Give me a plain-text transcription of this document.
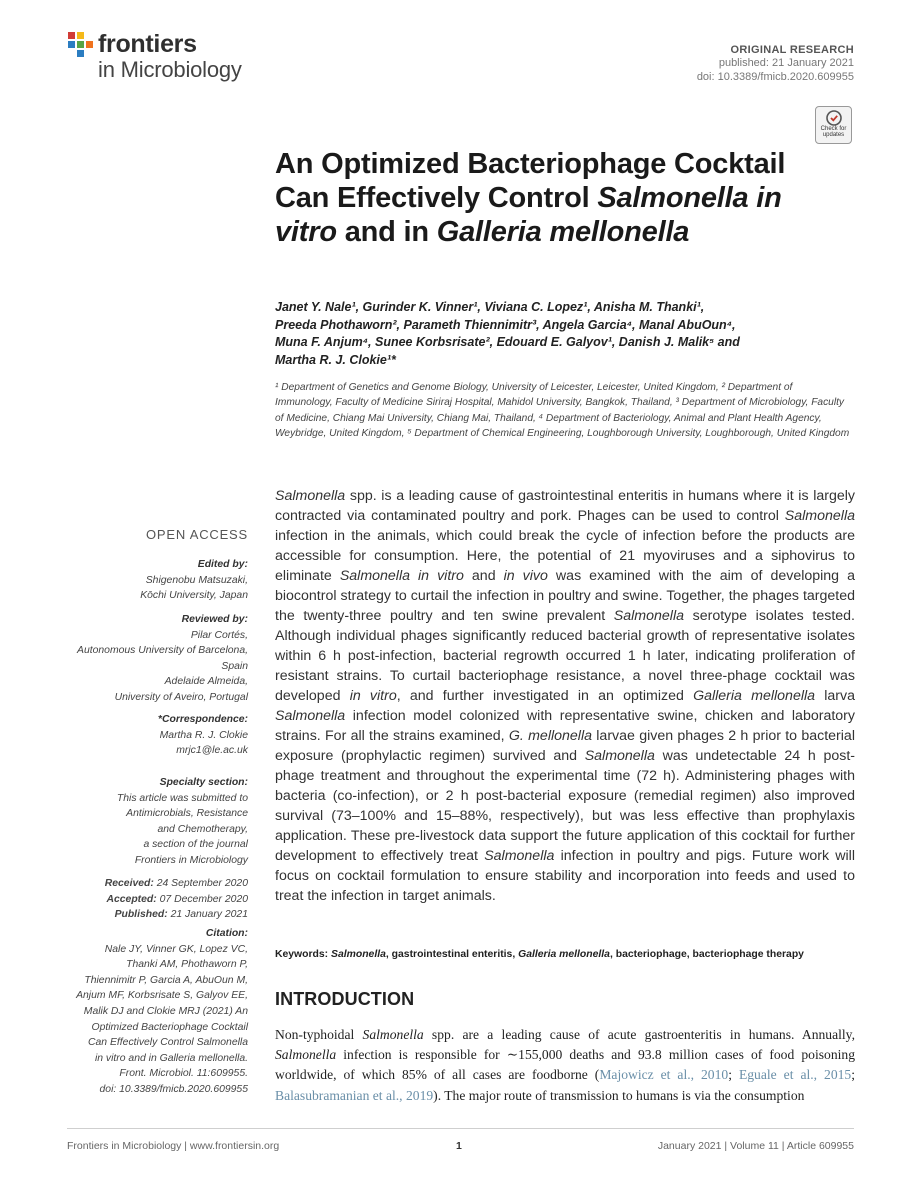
frontiers
in Microbiology
ORIGINAL RESEARCH
published: 21 January 2021
doi: 10.3389/fmicb.2020.609955
Check for
updates
An Optimized Bacteriophage Cocktail Can Effectively Control Salmonella in vitro and in Galleria mellonella
Janet Y. Nale¹, Gurinder K. Vinner¹, Viviana C. Lopez¹, Anisha M. Thanki¹,
Preeda Phothaworn², Parameth Thiennimitr³, Angela Garcia⁴, Manal AbuOun⁴,
Muna F. Anjum⁴, Sunee Korbsrisate², Edouard E. Galyov¹, Danish J. Malik⁵ and
Martha R. J. Clokie¹*
¹ Department of Genetics and Genome Biology, University of Leicester, Leicester, United Kingdom, ² Department of Immunology, Faculty of Medicine Siriraj Hospital, Mahidol University, Bangkok, Thailand, ³ Department of Microbiology, Faculty of Medicine, Chiang Mai University, Chiang Mai, Thailand, ⁴ Department of Bacteriology, Animal and Plant Health Agency, Weybridge, United Kingdom, ⁵ Department of Chemical Engineering, Loughborough University, Loughborough, United Kingdom
OPEN ACCESS
Edited by:
Shigenobu Matsuzaki,
Kōchi University, Japan
Reviewed by:
Pilar Cortés,
Autonomous University of Barcelona,
Spain
Adelaide Almeida,
University of Aveiro, Portugal
*Correspondence:
Martha R. J. Clokie
mrjc1@le.ac.uk
Specialty section:
This article was submitted to
Antimicrobials, Resistance
and Chemotherapy,
a section of the journal
Frontiers in Microbiology
Received: 24 September 2020
Accepted: 07 December 2020
Published: 21 January 2021
Citation:
Nale JY, Vinner GK, Lopez VC,
Thanki AM, Phothaworn P,
Thiennimitr P, Garcia A, AbuOun M,
Anjum MF, Korbsrisate S, Galyov EE,
Malik DJ and Clokie MRJ (2021) An
Optimized Bacteriophage Cocktail
Can Effectively Control Salmonella
in vitro and in Galleria mellonella.
Front. Microbiol. 11:609955.
doi: 10.3389/fmicb.2020.609955

Salmonella spp. is a leading cause of gastrointestinal enteritis in humans where it is largely contracted via contaminated poultry and pork. Phages can be used to control Salmonella infection in the animals, which could break the cycle of infection before the products are accessible for consumption. Here, the potential of 21 myoviruses and a siphovirus to eliminate Salmonella in vitro and in vivo was examined with the aim of developing a biocontrol strategy to curtail the infection in poultry and swine. Together, the phages targeted the twenty-three poultry and ten swine prevalent Salmonella serotype isolates tested. Although individual phages significantly reduced bacterial growth of representative isolates within 6 h post-infection, bacterial regrowth occurred 1 h later, indicating proliferation of resistant strains. To curtail bacteriophage resistance, a novel three-phage cocktail was developed in vitro, and further investigated in an optimized Galleria mellonella larva Salmonella infection model colonized with representative swine, chicken and laboratory strains. For all the strains examined, G. mellonella larvae given phages 2 h prior to bacterial exposure (prophylactic regimen) survived and Salmonella was undetectable 24 h post-phage treatment and throughout the experimental time (72 h). Administering phages with bacteria (co-infection), or 2 h post-bacterial exposure (remedial regimen) also improved survival (73–100% and 15–88%, respectively), but was less effective than prophylaxis application. These pre-livestock data support the future application of this cocktail for further development to effectively treat Salmonella infection in poultry and pigs. Future work will focus on cocktail formulation to ensure stability and incorporation into feeds and used to treat the infection in target animals.

Keywords: Salmonella, gastrointestinal enteritis, Galleria mellonella, bacteriophage, bacteriophage therapy
INTRODUCTION

Non-typhoidal Salmonella spp. are a leading cause of acute gastroenteritis in humans. Annually, Salmonella infection is responsible for ∼155,000 deaths and 93.8 million cases of food poisoning worldwide, of which 85% of all cases are foodborne (Majowicz et al., 2010; Eguale et al., 2015; Balasubramanian et al., 2019). The major route of transmission to humans is via the consumption

Frontiers in Microbiology | www.frontiersin.org	1	January 2021 | Volume 11 | Article 609955
